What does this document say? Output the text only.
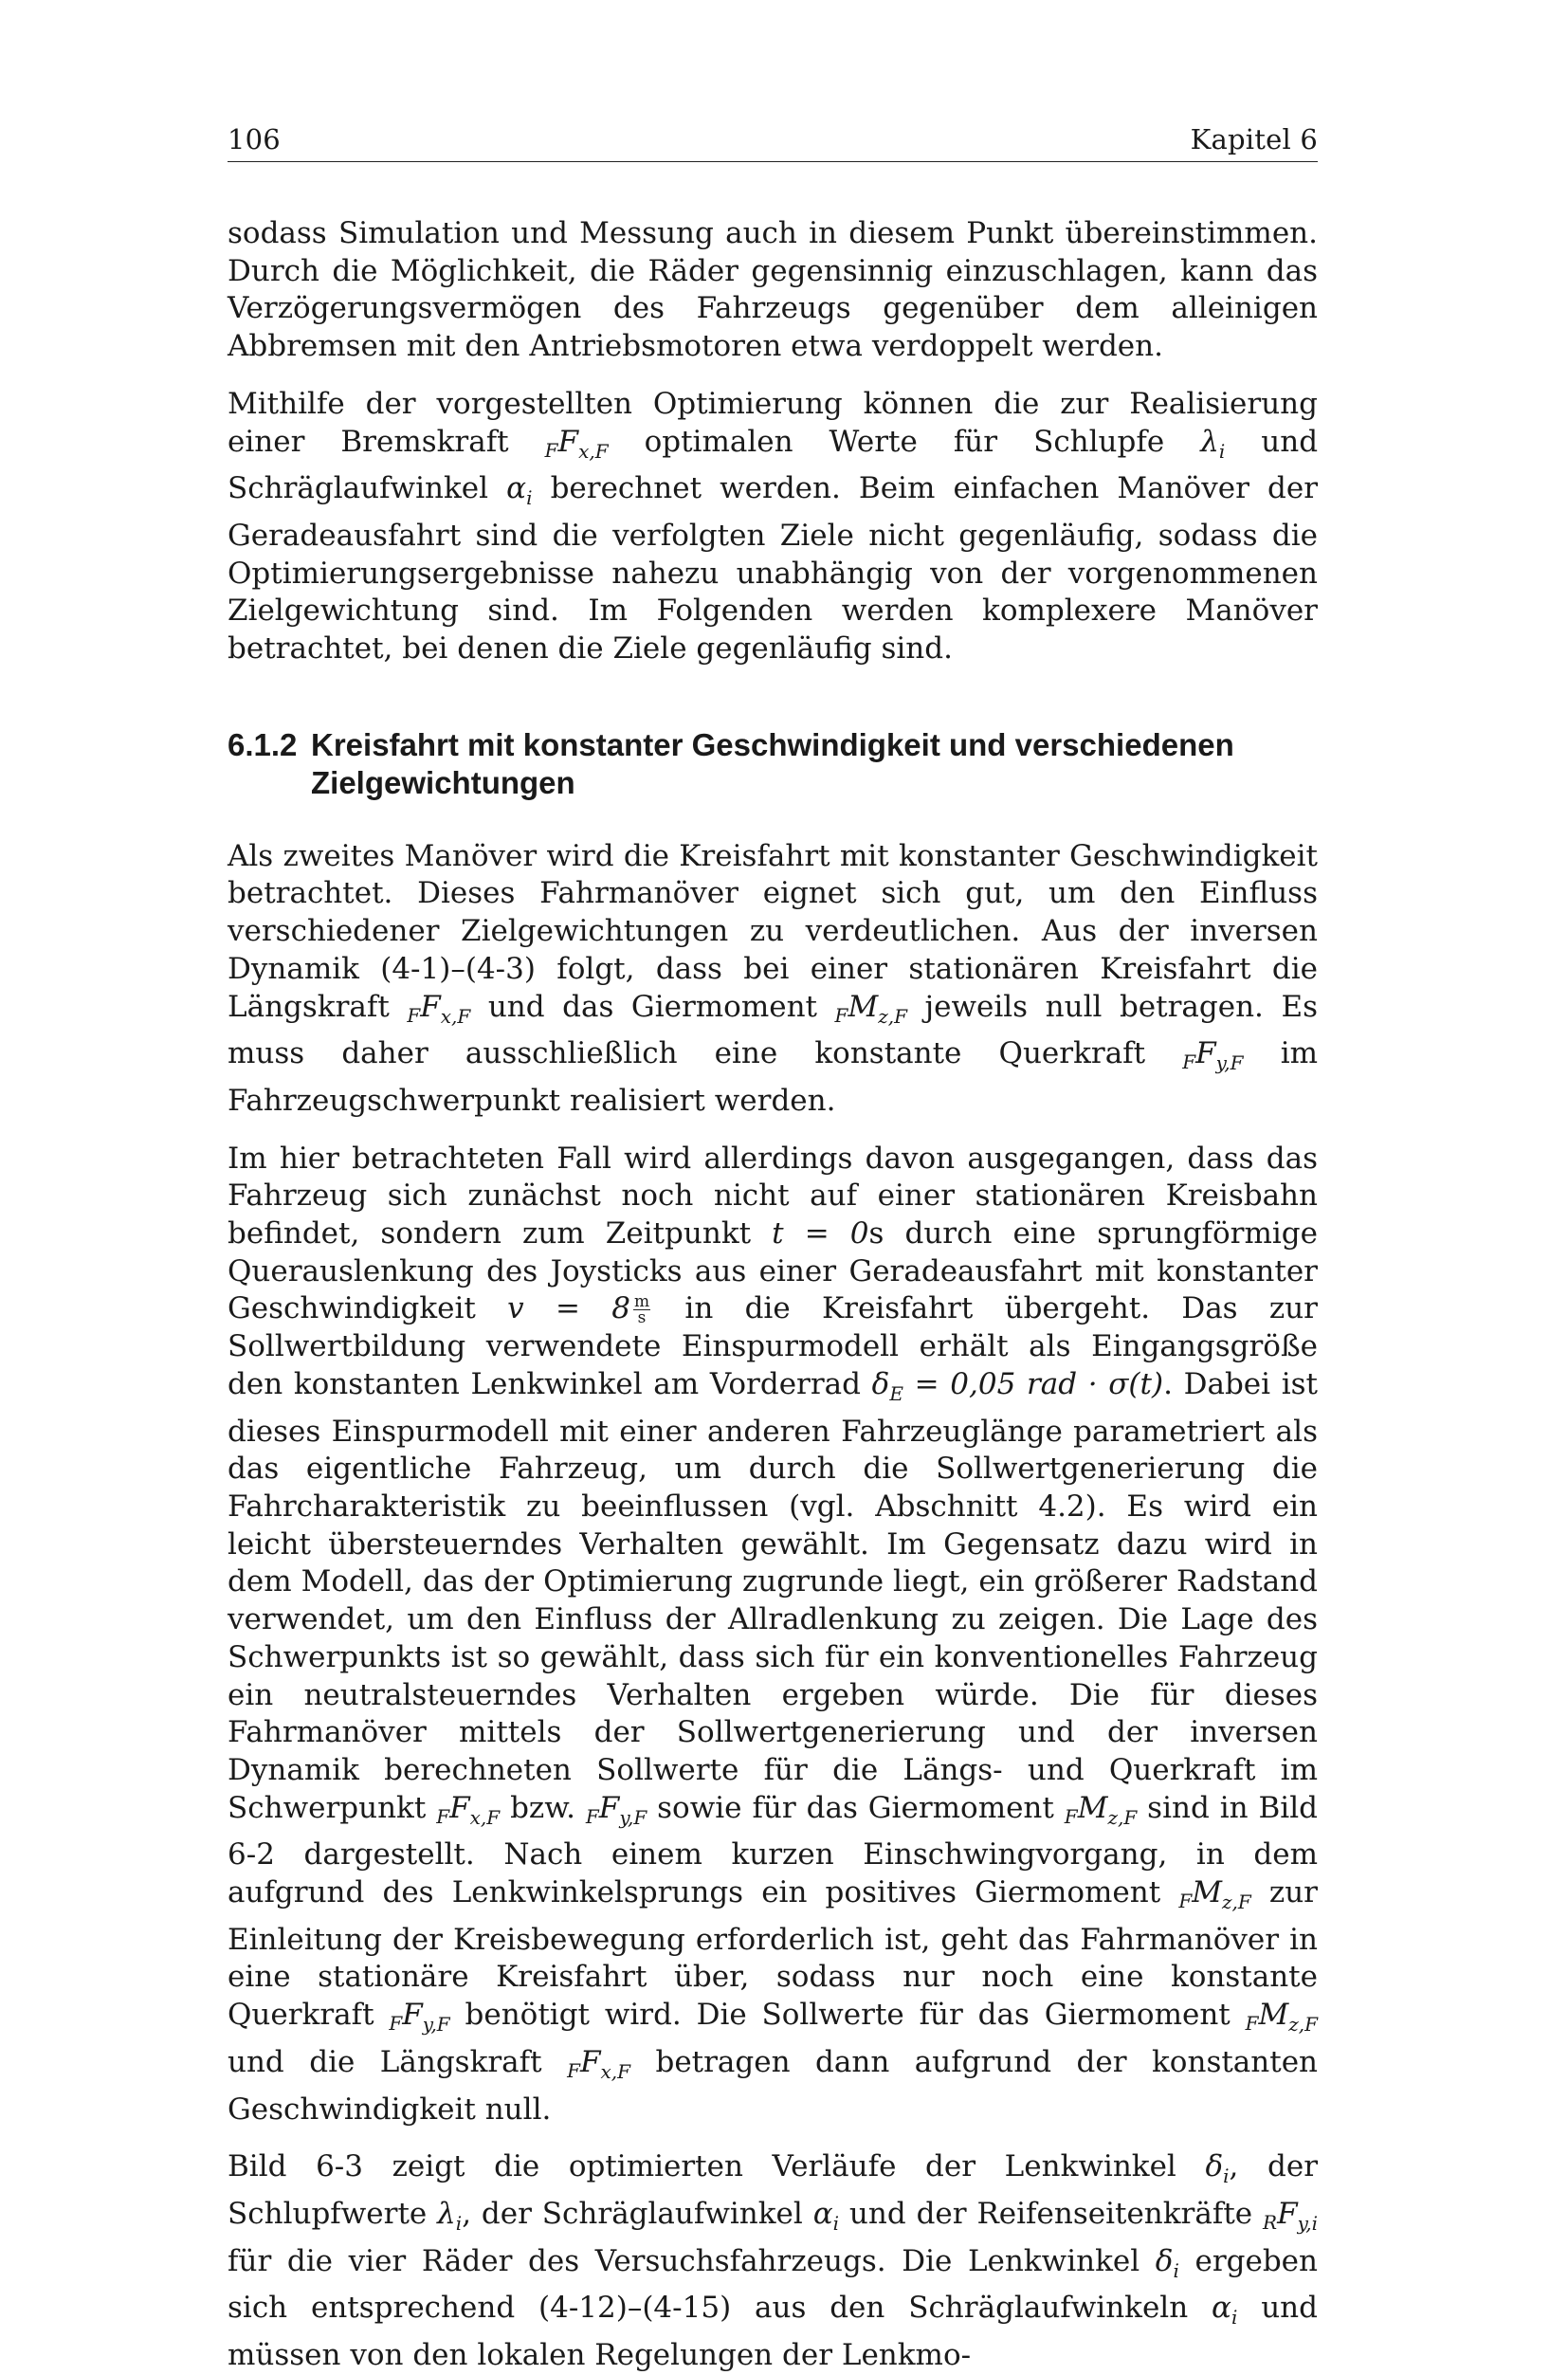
106	Kapitel 6

sodass Simulation und Messung auch in diesem Punkt übereinstimmen. Durch die Möglichkeit, die Räder gegensinnig einzuschlagen, kann das Verzögerungsvermögen des Fahrzeugs gegenüber dem alleinigen Abbremsen mit den Antriebsmotoren etwa verdoppelt werden.

Mithilfe der vorgestellten Optimierung können die zur Realisierung einer Bremskraft $_FF_{x,F}$ optimalen Werte für Schlupfe $\lambda_i$ und Schräglaufwinkel $\alpha_i$ berechnet werden. Beim einfachen Manöver der Geradeausfahrt sind die verfolgten Ziele nicht gegenläufig, sodass die Optimierungsergebnisse nahezu unabhängig von der vorgenommenen Zielgewichtung sind. Im Folgenden werden komplexere Manöver betrachtet, bei denen die Ziele gegenläufig sind.

6.1.2 Kreisfahrt mit konstanter Geschwindigkeit und verschiedenen Zielgewichtungen

Als zweites Manöver wird die Kreisfahrt mit konstanter Geschwindigkeit betrachtet. Dieses Fahrmanöver eignet sich gut, um den Einfluss verschiedener Zielgewichtungen zu verdeutlichen. Aus der inversen Dynamik (4-1)–(4-3) folgt, dass bei einer stationären Kreisfahrt die Längskraft $_FF_{x,F}$ und das Giermoment $_FM_{z,F}$ jeweils null betragen. Es muss daher ausschließlich eine konstante Querkraft $_FF_{y,F}$ im Fahrzeugschwerpunkt realisiert werden.

Im hier betrachteten Fall wird allerdings davon ausgegangen, dass das Fahrzeug sich zunächst noch nicht auf einer stationären Kreisbahn befindet, sondern zum Zeitpunkt t = 0s durch eine sprungförmige Querauslenkung des Joysticks aus einer Geradeausfahrt mit konstanter Geschwindigkeit $v = 8 \frac{m}{s}$ in die Kreisfahrt übergeht. Das zur Sollwertbildung verwendete Einspurmodell erhält als Eingangsgröße den konstanten Lenkwinkel am Vorderrad $\delta_E = 0,05$ rad · σ(t). Dabei ist dieses Einspurmodell mit einer anderen Fahrzeuglänge parametriert als das eigentliche Fahrzeug, um durch die Sollwertgenerierung die Fahrcharakteristik zu beeinflussen (vgl. Abschnitt 4.2). Es wird ein leicht übersteuerndes Verhalten gewählt. Im Gegensatz dazu wird in dem Modell, das der Optimierung zugrunde liegt, ein größerer Radstand verwendet, um den Einfluss der Allradlenkung zu zeigen. Die Lage des Schwerpunkts ist so gewählt, dass sich für ein konventionelles Fahrzeug ein neutralsteuerndes Verhalten ergeben würde. Die für dieses Fahrmanöver mittels der Sollwertgenerierung und der inversen Dynamik berechneten Sollwerte für die Längs- und Querkraft im Schwerpunkt $_FF_{x,F}$ bzw. $_FF_{y,F}$ sowie für das Giermoment $_FM_{z,F}$ sind in Bild 6-2 dargestellt. Nach einem kurzen Einschwingvorgang, in dem aufgrund des Lenkwinkelsprungs ein positives Giermoment $_FM_{z,F}$ zur Einleitung der Kreisbewegung erforderlich ist, geht das Fahrmanöver in eine stationäre Kreisfahrt über, sodass nur noch eine konstante Querkraft $_FF_{y,F}$ benötigt wird. Die Sollwerte für das Giermoment $_FM_{z,F}$ und die Längskraft $_FF_{x,F}$ betragen dann aufgrund der konstanten Geschwindigkeit null.

Bild 6-3 zeigt die optimierten Verläufe der Lenkwinkel $\delta_i$, der Schlupfwerte $\lambda_i$, der Schräglaufwinkel $\alpha_i$ und der Reifenseitenkräfte $_RF_{y,i}$ für die vier Räder des Versuchsfahrzeugs. Die Lenkwinkel $\delta_i$ ergeben sich entsprechend (4-12)–(4-15) aus den Schräglaufwinkeln $\alpha_i$ und müssen von den lokalen Regelungen der Lenkmo-
